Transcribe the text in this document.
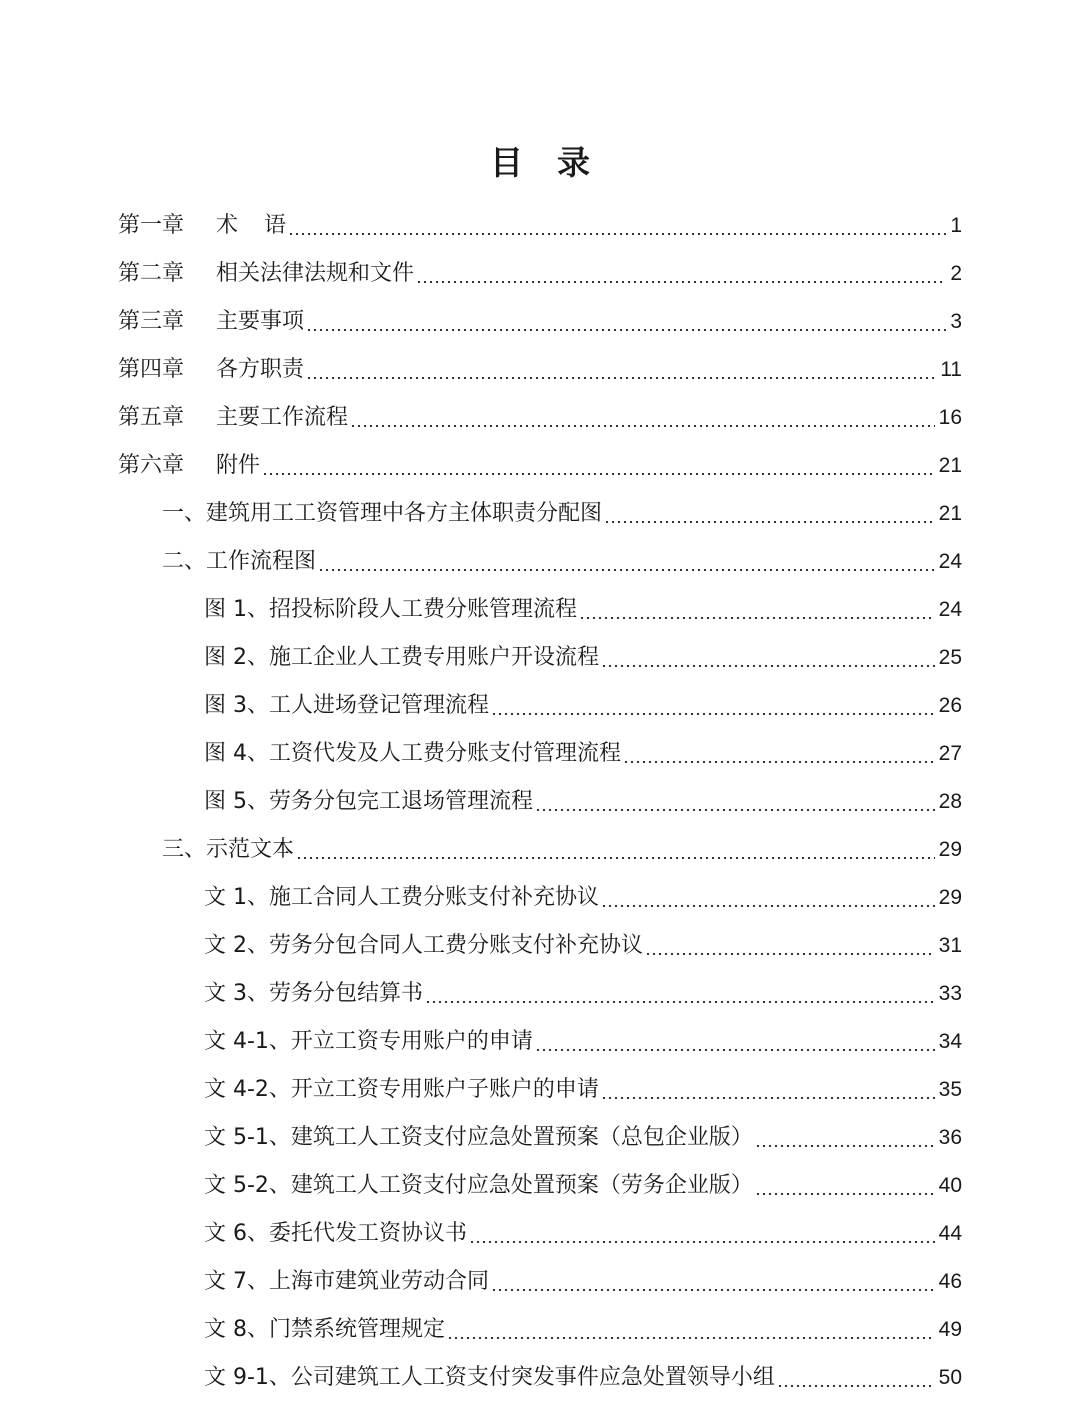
目 录
第一章	术 语	1
第二章	相关法律法规和文件	2
第三章	主要事项	3
第四章	各方职责	11
第五章	主要工作流程	16
第六章	附件	21
一、建筑用工工资管理中各方主体职责分配图	21
二、工作流程图	24
图 1、招投标阶段人工费分账管理流程	24
图 2、施工企业人工费专用账户开设流程	25
图 3、工人进场登记管理流程	26
图 4、工资代发及人工费分账支付管理流程	27
图 5、劳务分包完工退场管理流程	28
三、示范文本	29
文 1、施工合同人工费分账支付补充协议	29
文 2、劳务分包合同人工费分账支付补充协议	31
文 3、劳务分包结算书	33
文 4-1、开立工资专用账户的申请	34
文 4-2、开立工资专用账户子账户的申请	35
文 5-1、建筑工人工资支付应急处置预案（总包企业版）	36
文 5-2、建筑工人工资支付应急处置预案（劳务企业版）	40
文 6、委托代发工资协议书	44
文 7、上海市建筑业劳动合同	46
文 8、门禁系统管理规定	49
文 9-1、公司建筑工人工资支付突发事件应急处置领导小组	50
